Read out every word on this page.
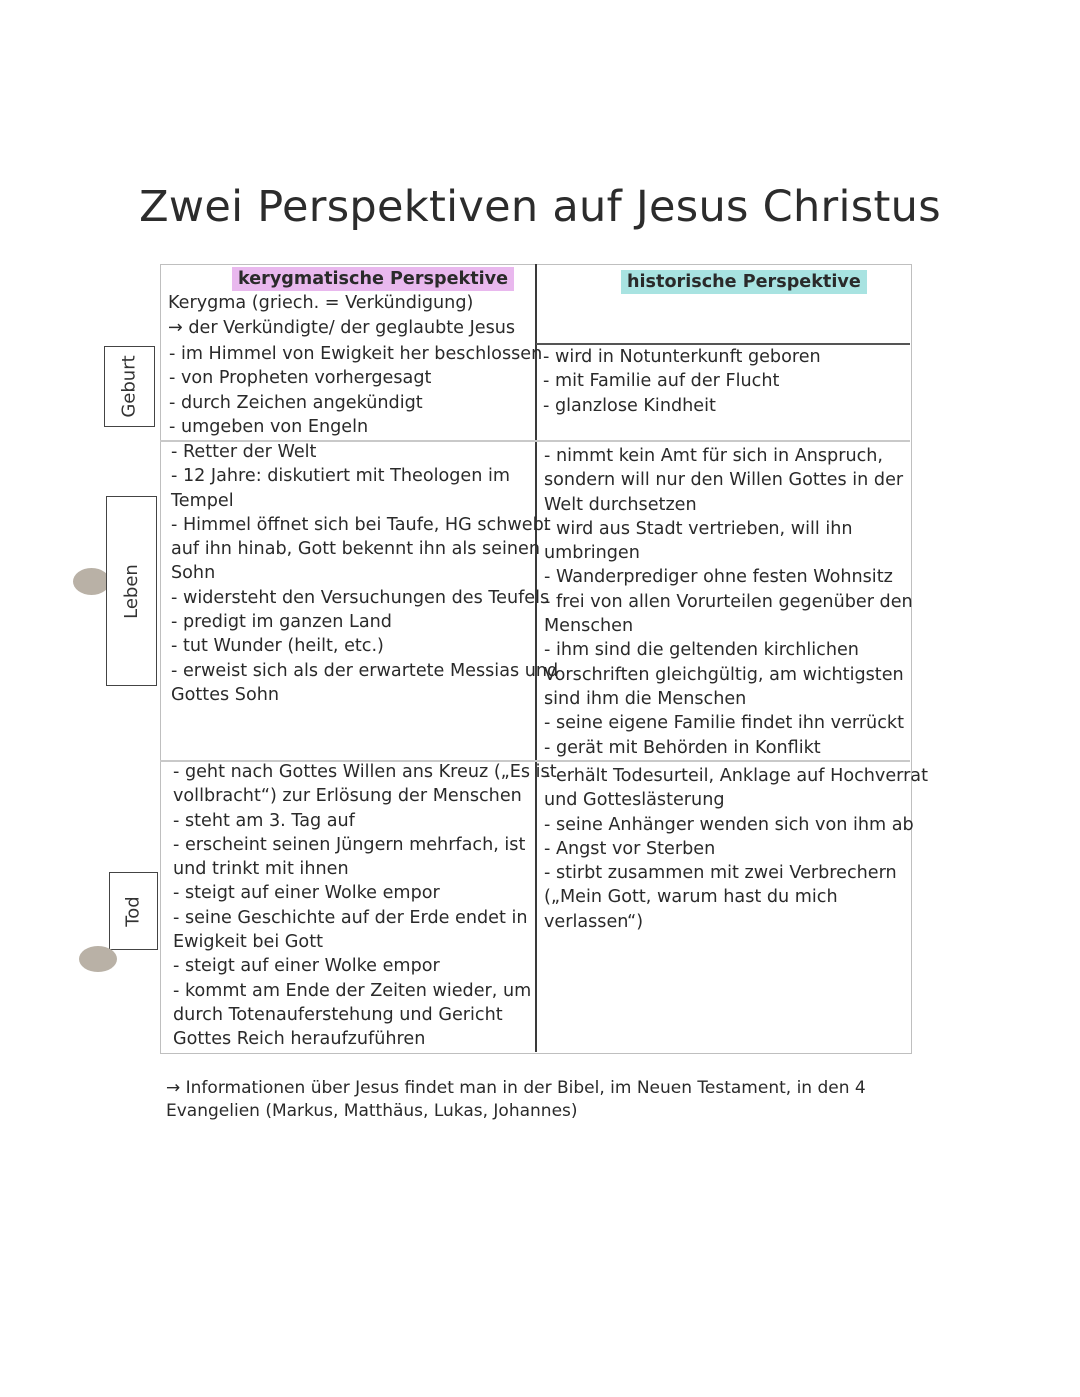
Zwei Perspektiven auf Jesus Christus
kerygmatische Perspektive
Kerygma (griech. = Verkündigung)
→ der Verkündigte/ der geglaubte Jesus
historische Perspektive
- im Himmel von Ewigkeit her beschlossen
- von Propheten vorhergesagt
- durch Zeichen angekündigt
- umgeben von Engeln
- wird in Notunterkunft geboren
- mit Familie auf der Flucht
- glanzlose Kindheit
- Retter der Welt
- 12 Jahre: diskutiert mit Theologen im
Tempel
- Himmel öffnet sich bei Taufe, HG schwebt
auf ihn hinab, Gott bekennt ihn als seinen
Sohn
- widersteht den Versuchungen des Teufels
- predigt im ganzen Land
- tut Wunder (heilt, etc.)
- erweist sich als der erwartete Messias und
Gottes Sohn
- nimmt kein Amt für sich in Anspruch,
sondern will nur den Willen Gottes in der
Welt durchsetzen
- wird aus Stadt vertrieben, will ihn
umbringen
- Wanderprediger ohne festen Wohnsitz
- frei von allen Vorurteilen gegenüber den
Menschen
- ihm sind die geltenden kirchlichen
Vorschriften gleichgültig, am wichtigsten
sind ihm die Menschen
- seine eigene Familie findet ihn verrückt
- gerät mit Behörden in Konflikt
- geht nach Gottes Willen ans Kreuz („Es ist
vollbracht“) zur Erlösung der Menschen
- steht am 3. Tag auf
- erscheint seinen Jüngern mehrfach, ist
und trinkt mit ihnen
- steigt auf einer Wolke empor
- seine Geschichte auf der Erde endet in
Ewigkeit bei Gott
- steigt auf einer Wolke empor
- kommt am Ende der Zeiten wieder, um
durch Totenauferstehung und Gericht
Gottes Reich heraufzuführen
- erhält Todesurteil, Anklage auf Hochverrat
und Gotteslästerung
- seine Anhänger wenden sich von ihm ab
- Angst vor Sterben
- stirbt zusammen mit zwei Verbrechern
(„Mein Gott, warum hast du mich
verlassen“)
Geburt
Leben
Tod
→ Informationen über Jesus findet man in der Bibel, im Neuen Testament, in den 4
Evangelien (Markus, Matthäus, Lukas, Johannes)
